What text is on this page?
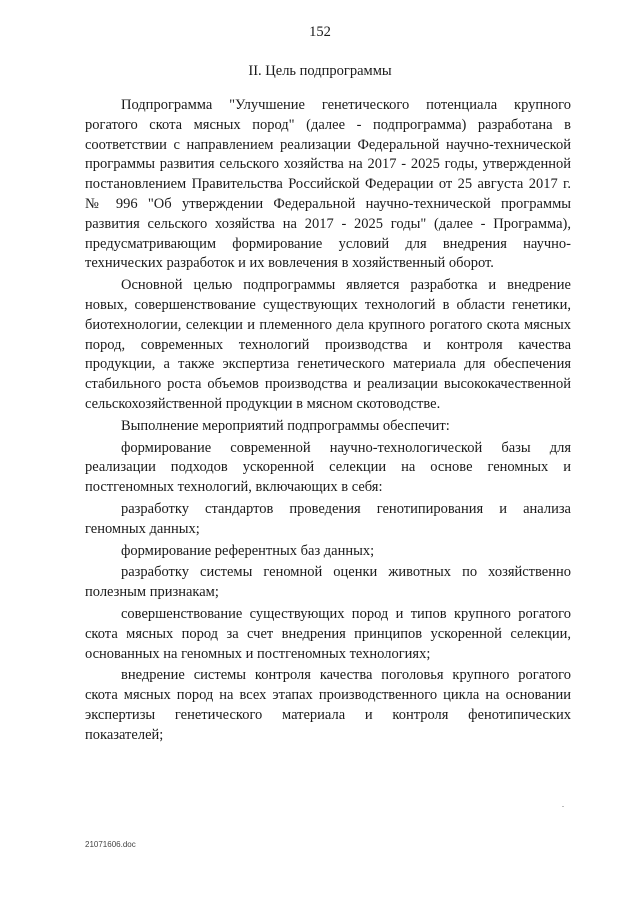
152
II. Цель подпрограммы

Подпрограмма "Улучшение генетического потенциала крупного рогатого скота мясных пород" (далее - подпрограмма) разработана в соответствии с направлением реализации Федеральной научно-технической программы развития сельского хозяйства на 2017 - 2025 годы, утвержденной постановлением Правительства Российской Федерации от 25 августа 2017 г. № 996 "Об утверждении Федеральной научно-технической программы развития сельского хозяйства на 2017 - 2025 годы" (далее - Программа), предусматривающим формирование условий для внедрения научно-технических разработок и их вовлечения в хозяйственный оборот.

Основной целью подпрограммы является разработка и внедрение новых, совершенствование существующих технологий в области генетики, биотехнологии, селекции и племенного дела крупного рогатого скота мясных пород, современных технологий производства и контроля качества продукции, а также экспертиза генетического материала для обеспечения стабильного роста объемов производства и реализации высококачественной сельскохозяйственной продукции в мясном скотоводстве.

Выполнение мероприятий подпрограммы обеспечит:

формирование современной научно-технологической базы для реализации подходов ускоренной селекции на основе геномных и постгеномных технологий, включающих в себя:

разработку стандартов проведения генотипирования и анализа геномных данных;

формирование референтных баз данных;

разработку системы геномной оценки животных по хозяйственно полезным признакам;

совершенствование существующих пород и типов крупного рогатого скота мясных пород за счет внедрения принципов ускоренной селекции, основанных на геномных и постгеномных технологиях;

внедрение системы контроля качества поголовья крупного рогатого скота мясных пород на всех этапах производственного цикла на основании экспертизы генетического материала и контроля фенотипических показателей;

21071606.doc
